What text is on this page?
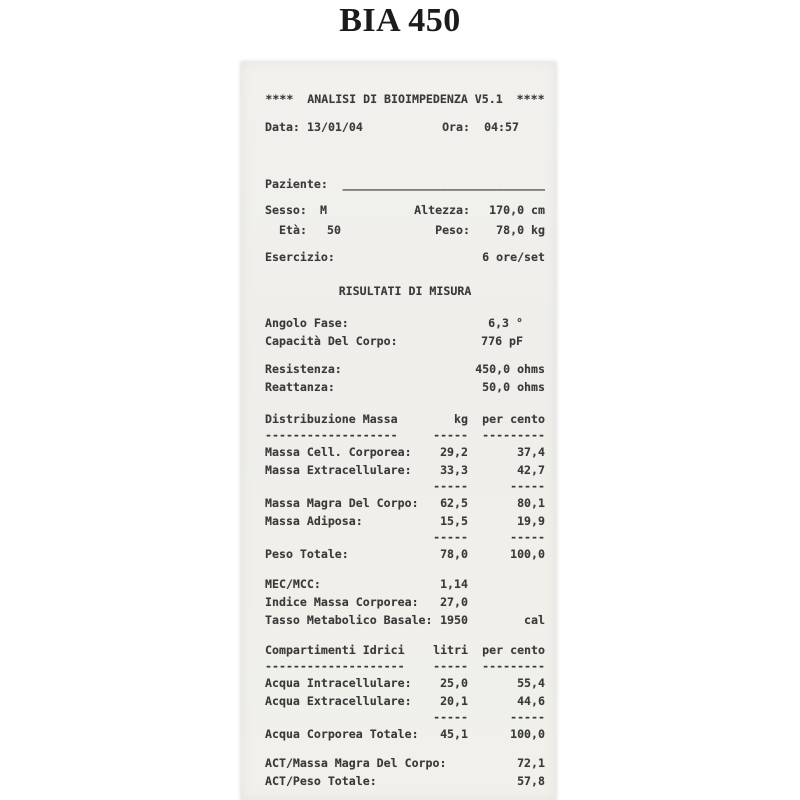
BIA 450
****  ANALISI DI BIOIMPEDENZA V5.1  ****
Data: 13/01/04	Ora:	04:57
Paziente: _____________________________
Sesso:	M	Altezza:	170,0 cm
Età:	50	Peso:	78,0 kg
Esercizio:	6 ore/set
RISULTATI DI MISURA
Angolo Fase:	6,3 °
Capacità Del Corpo:	776 pF
Resistenza:	450,0 ohms
Reattanza:	50,0 ohms
Distribuzione Massa	kg	per cento
-------------------	-----	---------
Massa Cell. Corporea:	29,2	37,4
Massa Extracellulare:	33,3	42,7
-----	-----
Massa Magra Del Corpo:	62,5	80,1
Massa Adiposa:	15,5	19,9
-----	-----
Peso Totale:	78,0	100,0
MEC/MCC:	1,14
Indice Massa Corporea:	27,0
Tasso Metabolico Basale: 1950	cal
Compartimenti Idrici	litri	per cento
--------------------	-----	---------
Acqua Intracellulare:	25,0	55,4
Acqua Extracellulare:	20,1	44,6
-----	-----
Acqua Corporea Totale:	45,1	100,0
ACT/Massa Magra Del Corpo:	72,1
ACT/Peso Totale:	57,8
